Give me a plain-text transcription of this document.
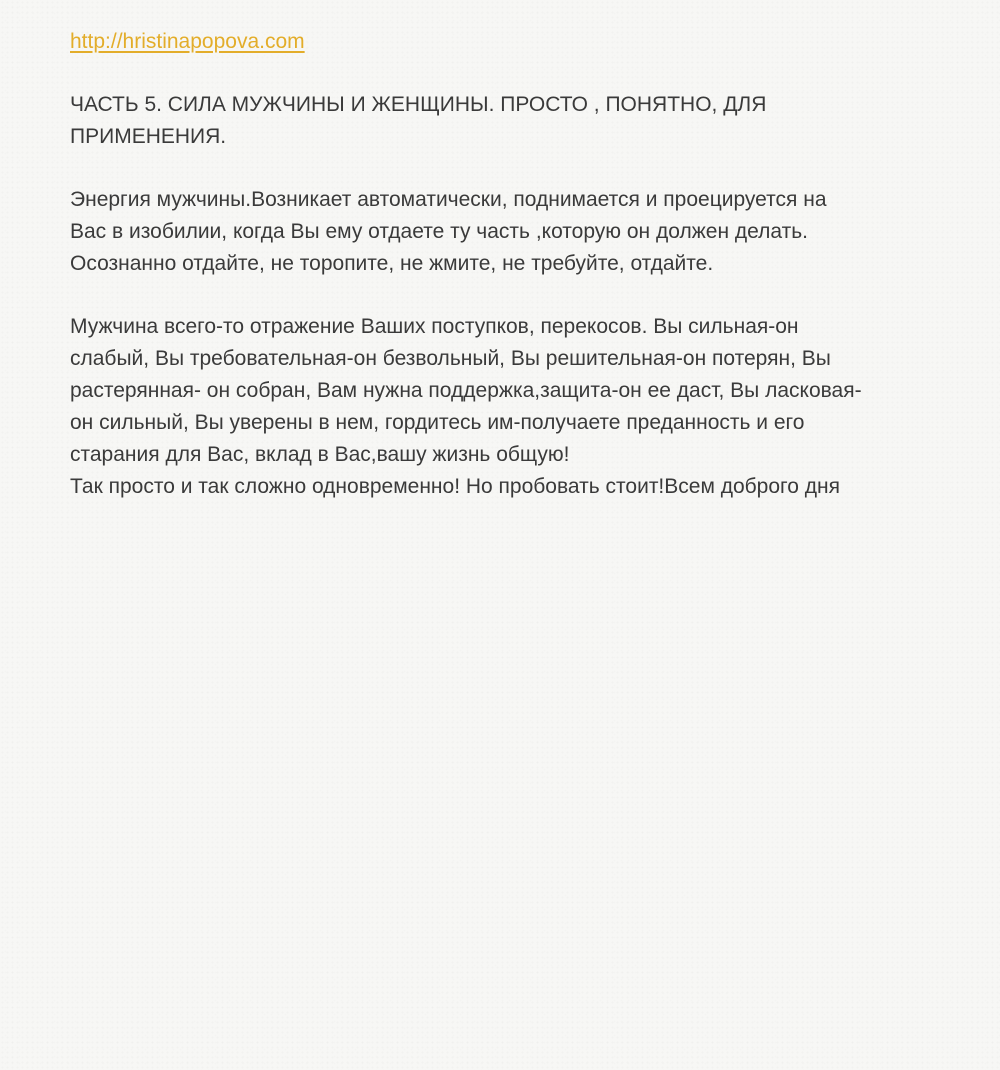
http://hristinapopova.com

ЧАСТЬ 5. СИЛА МУЖЧИНЫ И ЖЕНЩИНЫ. ПРОСТО , ПОНЯТНО, ДЛЯ
ПРИМЕНЕНИЯ.

Энергия мужчины.Возникает автоматически, поднимается и проецируется на
Вас в изобилии, когда Вы ему отдаете ту часть ,которую он должен делать.
Осознанно отдайте, не торопите, не жмите, не требуйте, отдайте.

Мужчина всего-то отражение Ваших поступков, перекосов. Вы сильная-он
слабый, Вы требовательная-он безвольный, Вы решительная-он потерян, Вы
растерянная- он собран, Вам нужна поддержка,защита-он ее даст, Вы ласковая-
он сильный, Вы уверены в нем, гордитесь им-получаете преданность и его
старания для Вас, вклад в Вас,вашу жизнь общую!
Так просто и так сложно одновременно! Но пробовать стоит!Всем доброго дня
